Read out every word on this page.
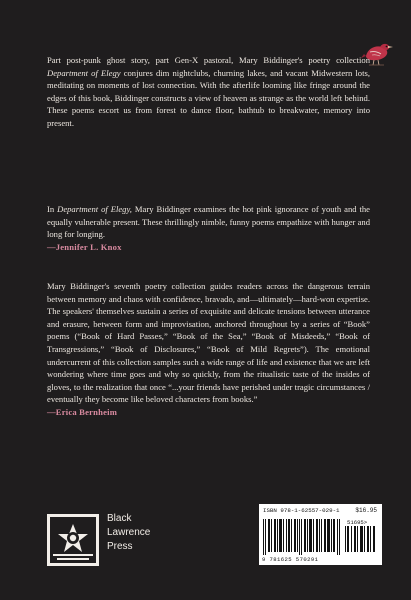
Part post-punk ghost story, part Gen-X pastoral, Mary Biddinger's poetry collection Department of Elegy conjures dim nightclubs, churning lakes, and vacant Midwestern lots, meditating on moments of lost connection. With the afterlife looming like fringe around the edges of this book, Biddinger constructs a view of heaven as strange as the world left behind. These poems escort us from forest to dance floor, bathtub to breakwater, memory into present.

In Department of Elegy, Mary Biddinger examines the hot pink ignorance of youth and the equally vulnerable present. These thrillingly nimble, funny poems empathize with hunger and long for longing.
—Jennifer L. Knox

Mary Biddinger's seventh poetry collection guides readers across the dangerous terrain between memory and chaos with confidence, bravado, and—ultimately—hard-won expertise. The speakers' themselves sustain a series of exquisite and delicate tensions between utterance and erasure, between form and improvisation, anchored throughout by a series of “Book” poems (“Book of Hard Passes,” “Book of the Sea,” “Book of Misdeeds,” “Book of Transgressions,” “Book of Disclosures,” “Book of Mild Regrets”). The emotional undercurrent of this collection samples such a wide range of life and existence that we are left wondering where time goes and why so quickly, from the ritualistic taste of the insides of gloves, to the realization that once “...your friends have perished under tragic circumstances / eventually they become like beloved characters from books.”
—Erica Bernheim

Black
Lawrence
Press

ISBN 978-1-62557-029-1	$16.95
51695>
9 781625 570291
